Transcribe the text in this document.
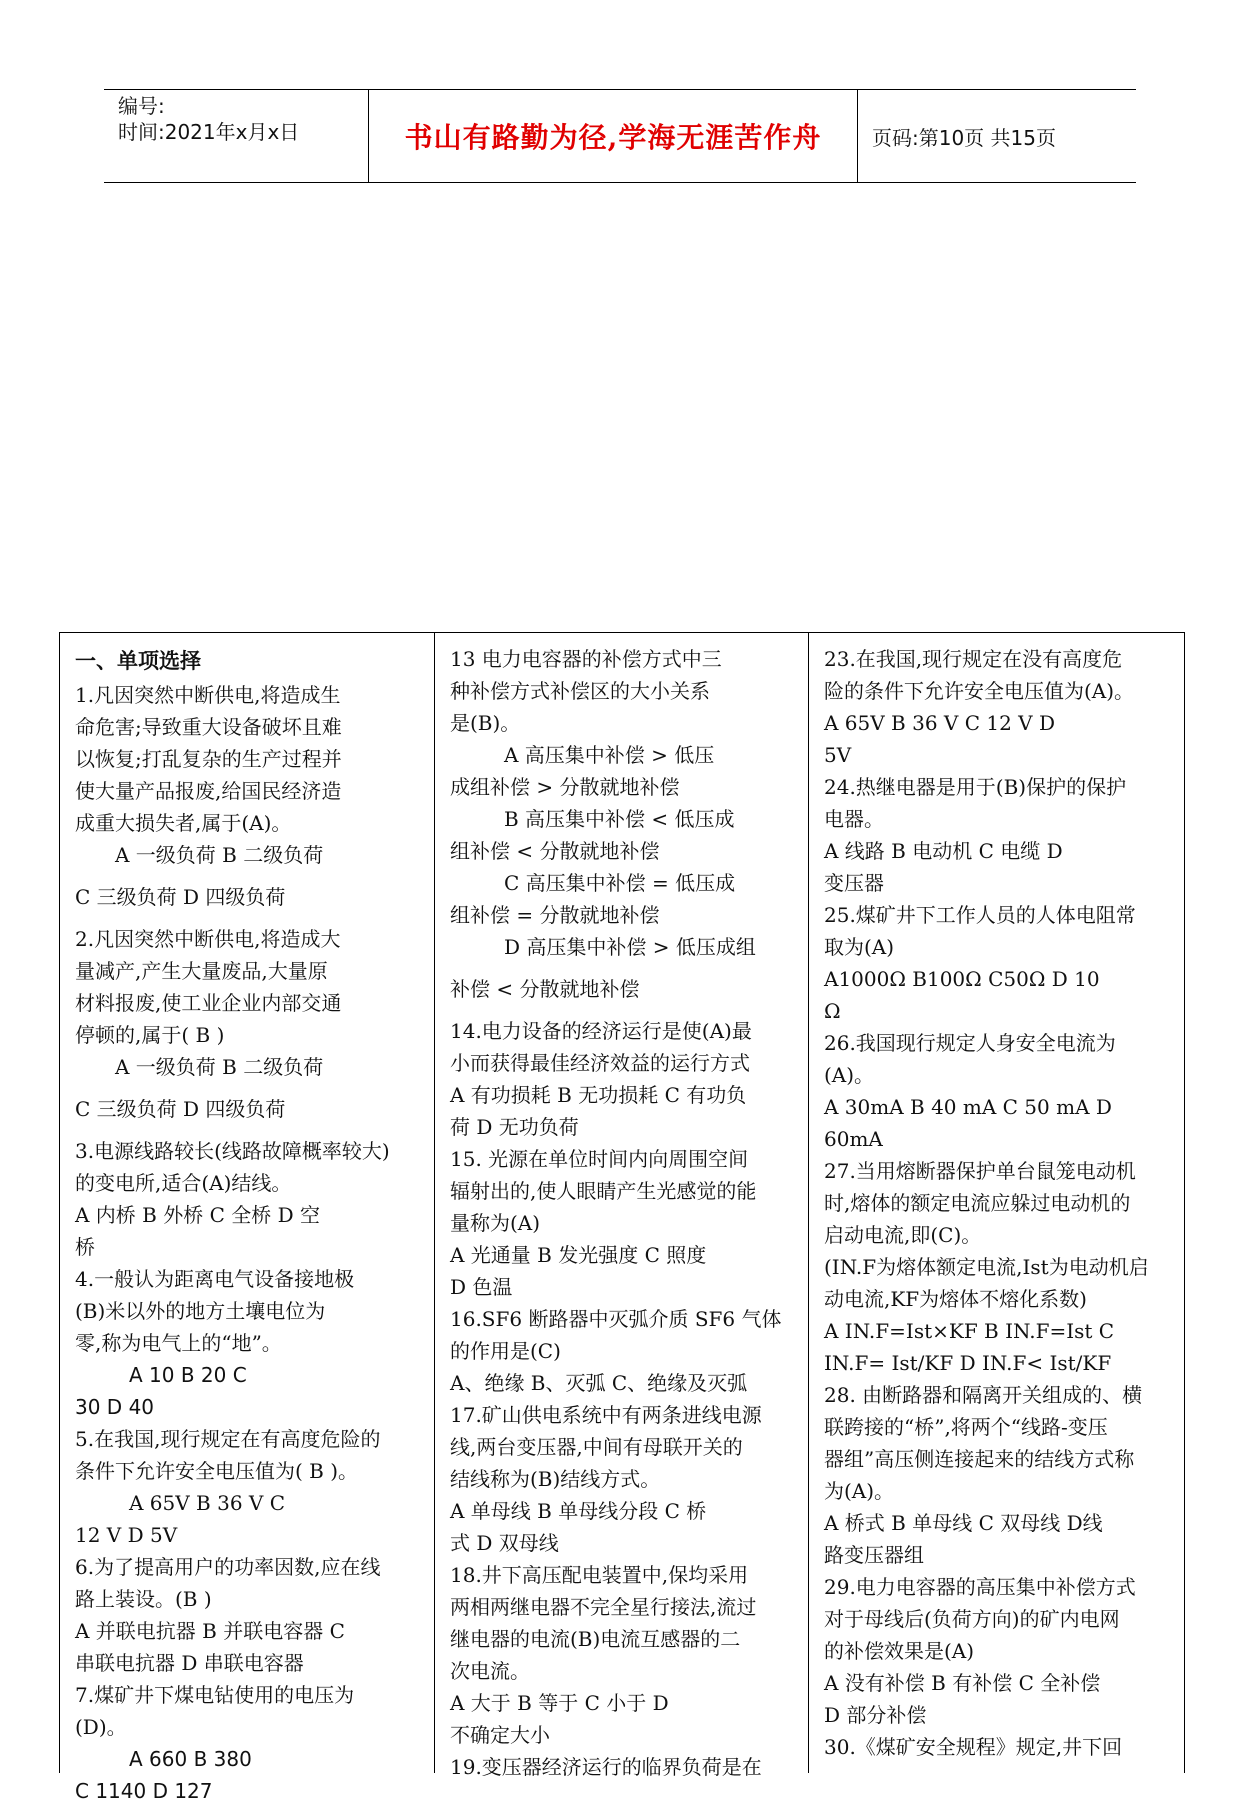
编号:
时间:2021年x月x日	书山有路勤为径,学海无涯苦作舟	页码:第10页 共15页
一、单项选择
1.凡因突然中断供电,将造成生
命危害;导致重大设备破坏且难
以恢复;打乱复杂的生产过程并
使大量产品报废,给国民经济造
成重大损失者,属于(A)。
A 一级负荷 B 二级负荷
C 三级负荷 D 四级负荷
2.凡因突然中断供电,将造成大
量减产,产生大量废品,大量原
材料报废,使工业企业内部交通
停顿的,属于( B )
A 一级负荷 B 二级负荷
C 三级负荷 D 四级负荷
3.电源线路较长(线路故障概率较大)
的变电所,适合(A)结线。
A 内桥 B 外桥 C 全桥 D 空
桥
4.一般认为距离电气设备接地极
(B)米以外的地方土壤电位为
零,称为电气上的“地”。
A 10 B 20 C
30 D 40
5.在我国,现行规定在有高度危险的
条件下允许安全电压值为( B )。
A 65V B 36 V C
12 V D 5V
6.为了提高用户的功率因数,应在线
路上装设。(B )
A 并联电抗器 B 并联电容器 C
串联电抗器 D 串联电容器
7.煤矿井下煤电钻使用的电压为
(D)。
A 660 B 380
C 1140 D 127
13 电力电容器的补偿方式中三
种补偿方式补偿区的大小关系
是(B)。
A 高压集中补偿 > 低压
成组补偿 > 分散就地补偿
B 高压集中补偿 < 低压成
组补偿 < 分散就地补偿
C 高压集中补偿 = 低压成
组补偿 = 分散就地补偿
D 高压集中补偿 > 低压成组
补偿 < 分散就地补偿
14.电力设备的经济运行是使(A)最
小而获得最佳经济效益的运行方式
A 有功损耗 B 无功损耗 C 有功负
荷 D 无功负荷
15. 光源在单位时间内向周围空间
辐射出的,使人眼睛产生光感觉的能
量称为(A)
A 光通量 B 发光强度 C 照度
D 色温
16.SF6 断路器中灭弧介质 SF6 气体
的作用是(C)
A、绝缘 B、灭弧 C、绝缘及灭弧
17.矿山供电系统中有两条进线电源
线,两台变压器,中间有母联开关的
结线称为(B)结线方式。
A 单母线 B 单母线分段 C 桥
式 D 双母线
18.井下高压配电装置中,保均采用
两相两继电器不完全星行接法,流过
继电器的电流(B)电流互感器的二
次电流。
A 大于 B 等于 C 小于 D
不确定大小
19.变压器经济运行的临界负荷是在
23.在我国,现行规定在没有高度危
险的条件下允许安全电压值为(A)。
A 65V B 36 V C 12 V D
5V
24.热继电器是用于(B)保护的保护
电器。
A 线路 B 电动机 C 电缆 D
变压器
25.煤矿井下工作人员的人体电阻常
取为(A)
A1000Ω B100Ω C50Ω D 10
Ω
26.我国现行规定人身安全电流为
(A)。
A 30mA B 40 mA C 50 mA D
60mA
27.当用熔断器保护单台鼠笼电动机
时,熔体的额定电流应躲过电动机的
启动电流,即(C)。
(IN.F为熔体额定电流,Ist为电动机启
动电流,KF为熔体不熔化系数)
A IN.F=Ist×KF B IN.F=Ist C
IN.F= Ist/KF D IN.F< Ist/KF
28. 由断路器和隔离开关组成的、横
联跨接的“桥”,将两个“线路-变压
器组”高压侧连接起来的结线方式称
为(A)。
A 桥式 B 单母线 C 双母线 D线
路变压器组
29.电力电容器的高压集中补偿方式
对于母线后(负荷方向)的矿内电网
的补偿效果是(A)
A 没有补偿 B 有补偿 C 全补偿
D 部分补偿
30.《煤矿安全规程》规定,井下回
